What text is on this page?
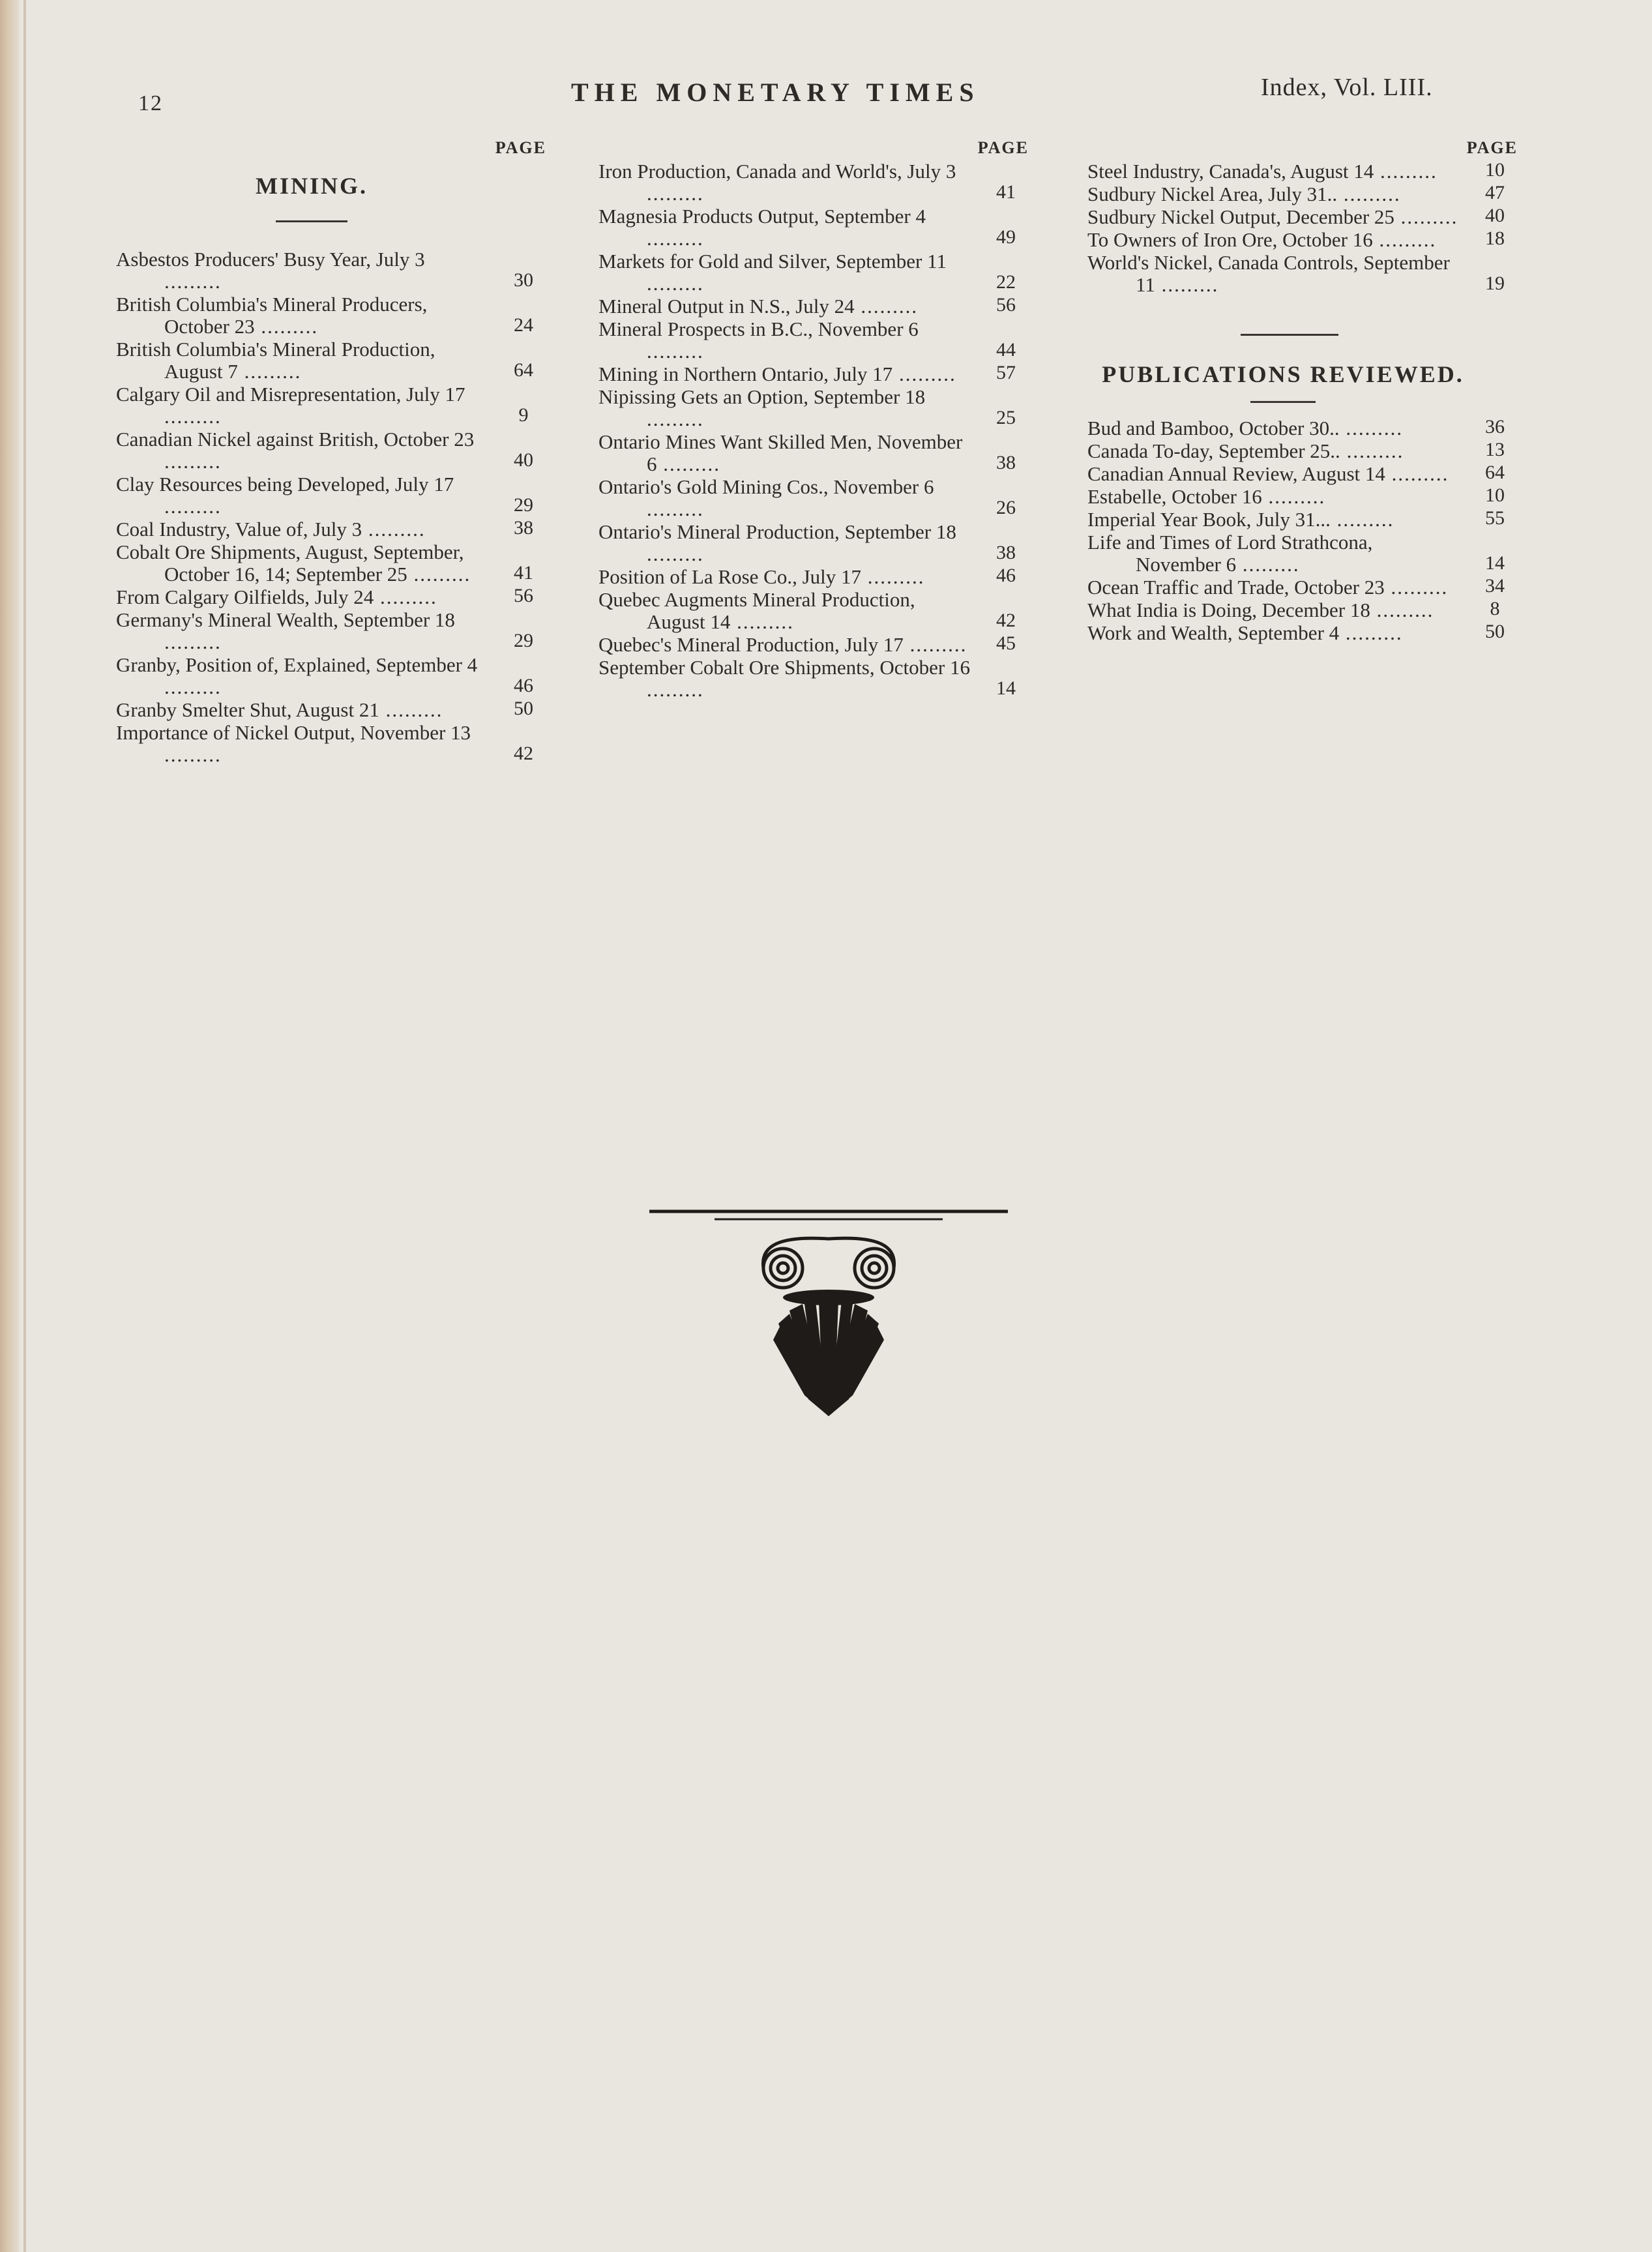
12	THE MONETARY TIMES	Index, Vol. LIII.
PAGE
MINING.
Asbestos Producers' Busy Year, July 3 .........	30
British Columbia's Mineral Producers, October 23 .........	24
British Columbia's Mineral Production, August 7 .........	64
Calgary Oil and Misrepresentation, July 17 .........	9
Canadian Nickel against British, October 23 .........	40
Clay Resources being Developed, July 17 .........	29
Coal Industry, Value of, July 3 .........	38
Cobalt Ore Shipments, August, September, October 16, 14; September 25 .........	41
From Calgary Oilfields, July 24 .........	56
Germany's Mineral Wealth, September 18 .........	29
Granby, Position of, Explained, September 4 .........	46
Granby Smelter Shut, August 21 .........	50
Importance of Nickel Output, November 13 .........	42
PAGE
Iron Production, Canada and World's, July 3 .........	41
Magnesia Products Output, September 4 .........	49
Markets for Gold and Silver, September 11 .........	22
Mineral Output in N.S., July 24 .........	56
Mineral Prospects in B.C., November 6 .........	44
Mining in Northern Ontario, July 17 .........	57
Nipissing Gets an Option, September 18 .........	25
Ontario Mines Want Skilled Men, November 6 .........	38
Ontario's Gold Mining Cos., November 6 .........	26
Ontario's Mineral Production, September 18 .........	38
Position of La Rose Co., July 17 .........	46
Quebec Augments Mineral Production, August 14 .........	42
Quebec's Mineral Production, July 17 .........	45
September Cobalt Ore Shipments, October 16 .........	14
PAGE
Steel Industry, Canada's, August 14 .........	10
Sudbury Nickel Area, July 31.. .........	47
Sudbury Nickel Output, December 25 .........	40
To Owners of Iron Ore, October 16 .........	18
World's Nickel, Canada Controls, September 11 .........	19
PUBLICATIONS REVIEWED.
Bud and Bamboo, October 30.. .........	36
Canada To-day, September 25.. .........	13
Canadian Annual Review, August 14 .........	64
Estabelle, October 16 .........	10
Imperial Year Book, July 31... .........	55
Life and Times of Lord Strathcona, November 6 .........	14
Ocean Traffic and Trade, October 23 .........	34
What India is Doing, December 18 .........	8
Work and Wealth, September 4 .........	50
